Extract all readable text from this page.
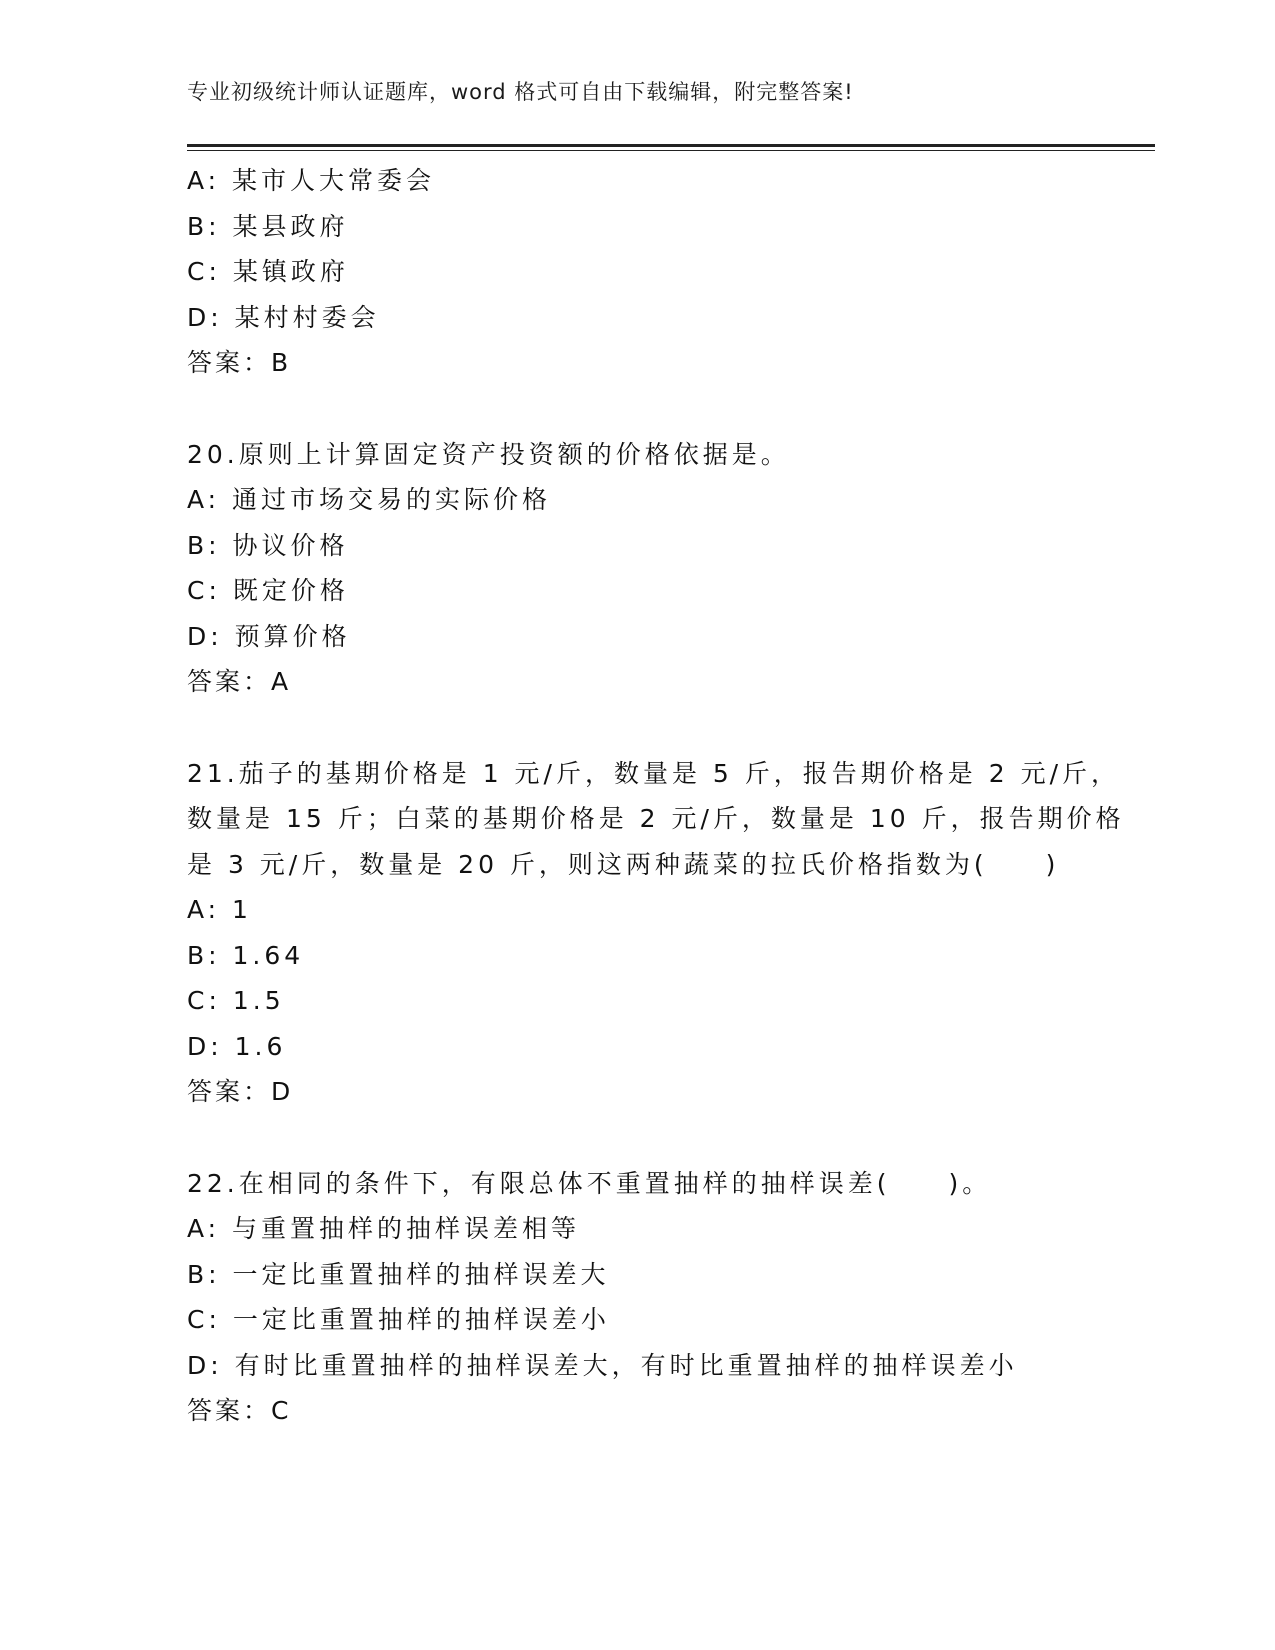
专业初级统计师认证题库，word 格式可自由下载编辑，附完整答案!
A: 某市人大常委会
B: 某县政府
C: 某镇政府
D: 某村村委会
答案：B
20.原则上计算固定资产投资额的价格依据是。
A: 通过市场交易的实际价格
B: 协议价格
C: 既定价格
D: 预算价格
答案：A
21.茄子的基期价格是 1 元/斤，数量是 5 斤，报告期价格是 2 元/斤，
数量是 15 斤；白菜的基期价格是 2 元/斤，数量是 10 斤，报告期价格
是 3 元/斤，数量是 20 斤，则这两种蔬菜的拉氏价格指数为(　　)
A: 1
B: 1.64
C: 1.5
D: 1.6
答案：D
22.在相同的条件下，有限总体不重置抽样的抽样误差(　　)。
A: 与重置抽样的抽样误差相等
B: 一定比重置抽样的抽样误差大
C: 一定比重置抽样的抽样误差小
D: 有时比重置抽样的抽样误差大，有时比重置抽样的抽样误差小
答案：C
